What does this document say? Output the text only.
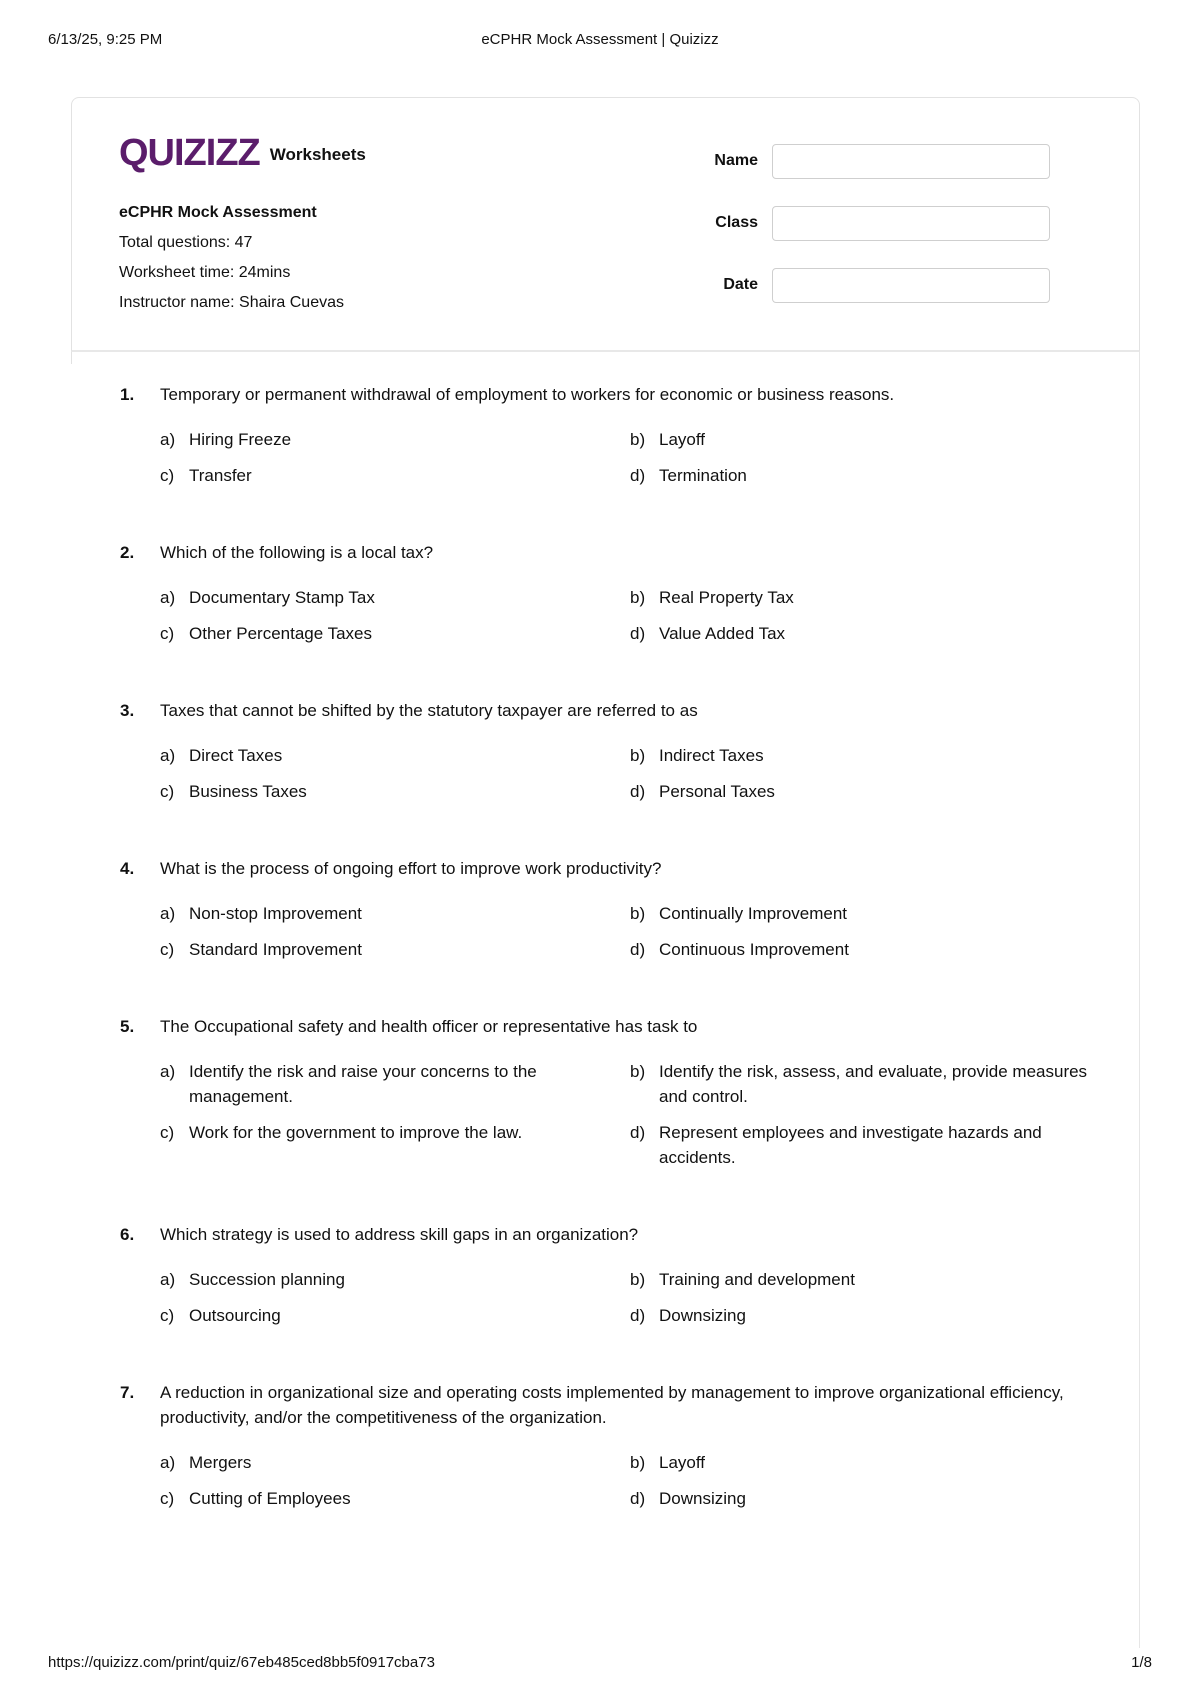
6/13/25, 9:25 PM	eCPHR Mock Assessment | Quizizz
QUIZIZZ Worksheets
eCPHR Mock Assessment
Total questions: 47
Worksheet time: 24mins
Instructor name: Shaira Cuevas
Name
Class
Date
1.	Temporary or permanent withdrawal of employment to workers for economic or business reasons.
a) Hiring Freeze	b) Layoff
c) Transfer	d) Termination
2.	Which of the following is a local tax?
a) Documentary Stamp Tax	b) Real Property Tax
c) Other Percentage Taxes	d) Value Added Tax
3.	Taxes that cannot be shifted by the statutory taxpayer are referred to as
a) Direct Taxes	b) Indirect Taxes
c) Business Taxes	d) Personal Taxes
4.	What is the process of ongoing effort to improve work productivity?
a) Non-stop Improvement	b) Continually Improvement
c) Standard Improvement	d) Continuous Improvement
5.	The Occupational safety and health officer or representative has task to
a) Identify the risk and raise your concerns to the management.
b) Identify the risk, assess, and evaluate, provide measures and control.
c) Work for the government to improve the law.	d) Represent employees and investigate hazards and accidents.
6.	Which strategy is used to address skill gaps in an organization?
a) Succession planning	b) Training and development
c) Outsourcing	d) Downsizing
7.	A reduction in organizational size and operating costs implemented by management to improve organizational efficiency, productivity, and/or the competitiveness of the organization.
a) Mergers	b) Layoff
c) Cutting of Employees	d) Downsizing
https://quizizz.com/print/quiz/67eb485ced8bb5f0917cba73	1/8
